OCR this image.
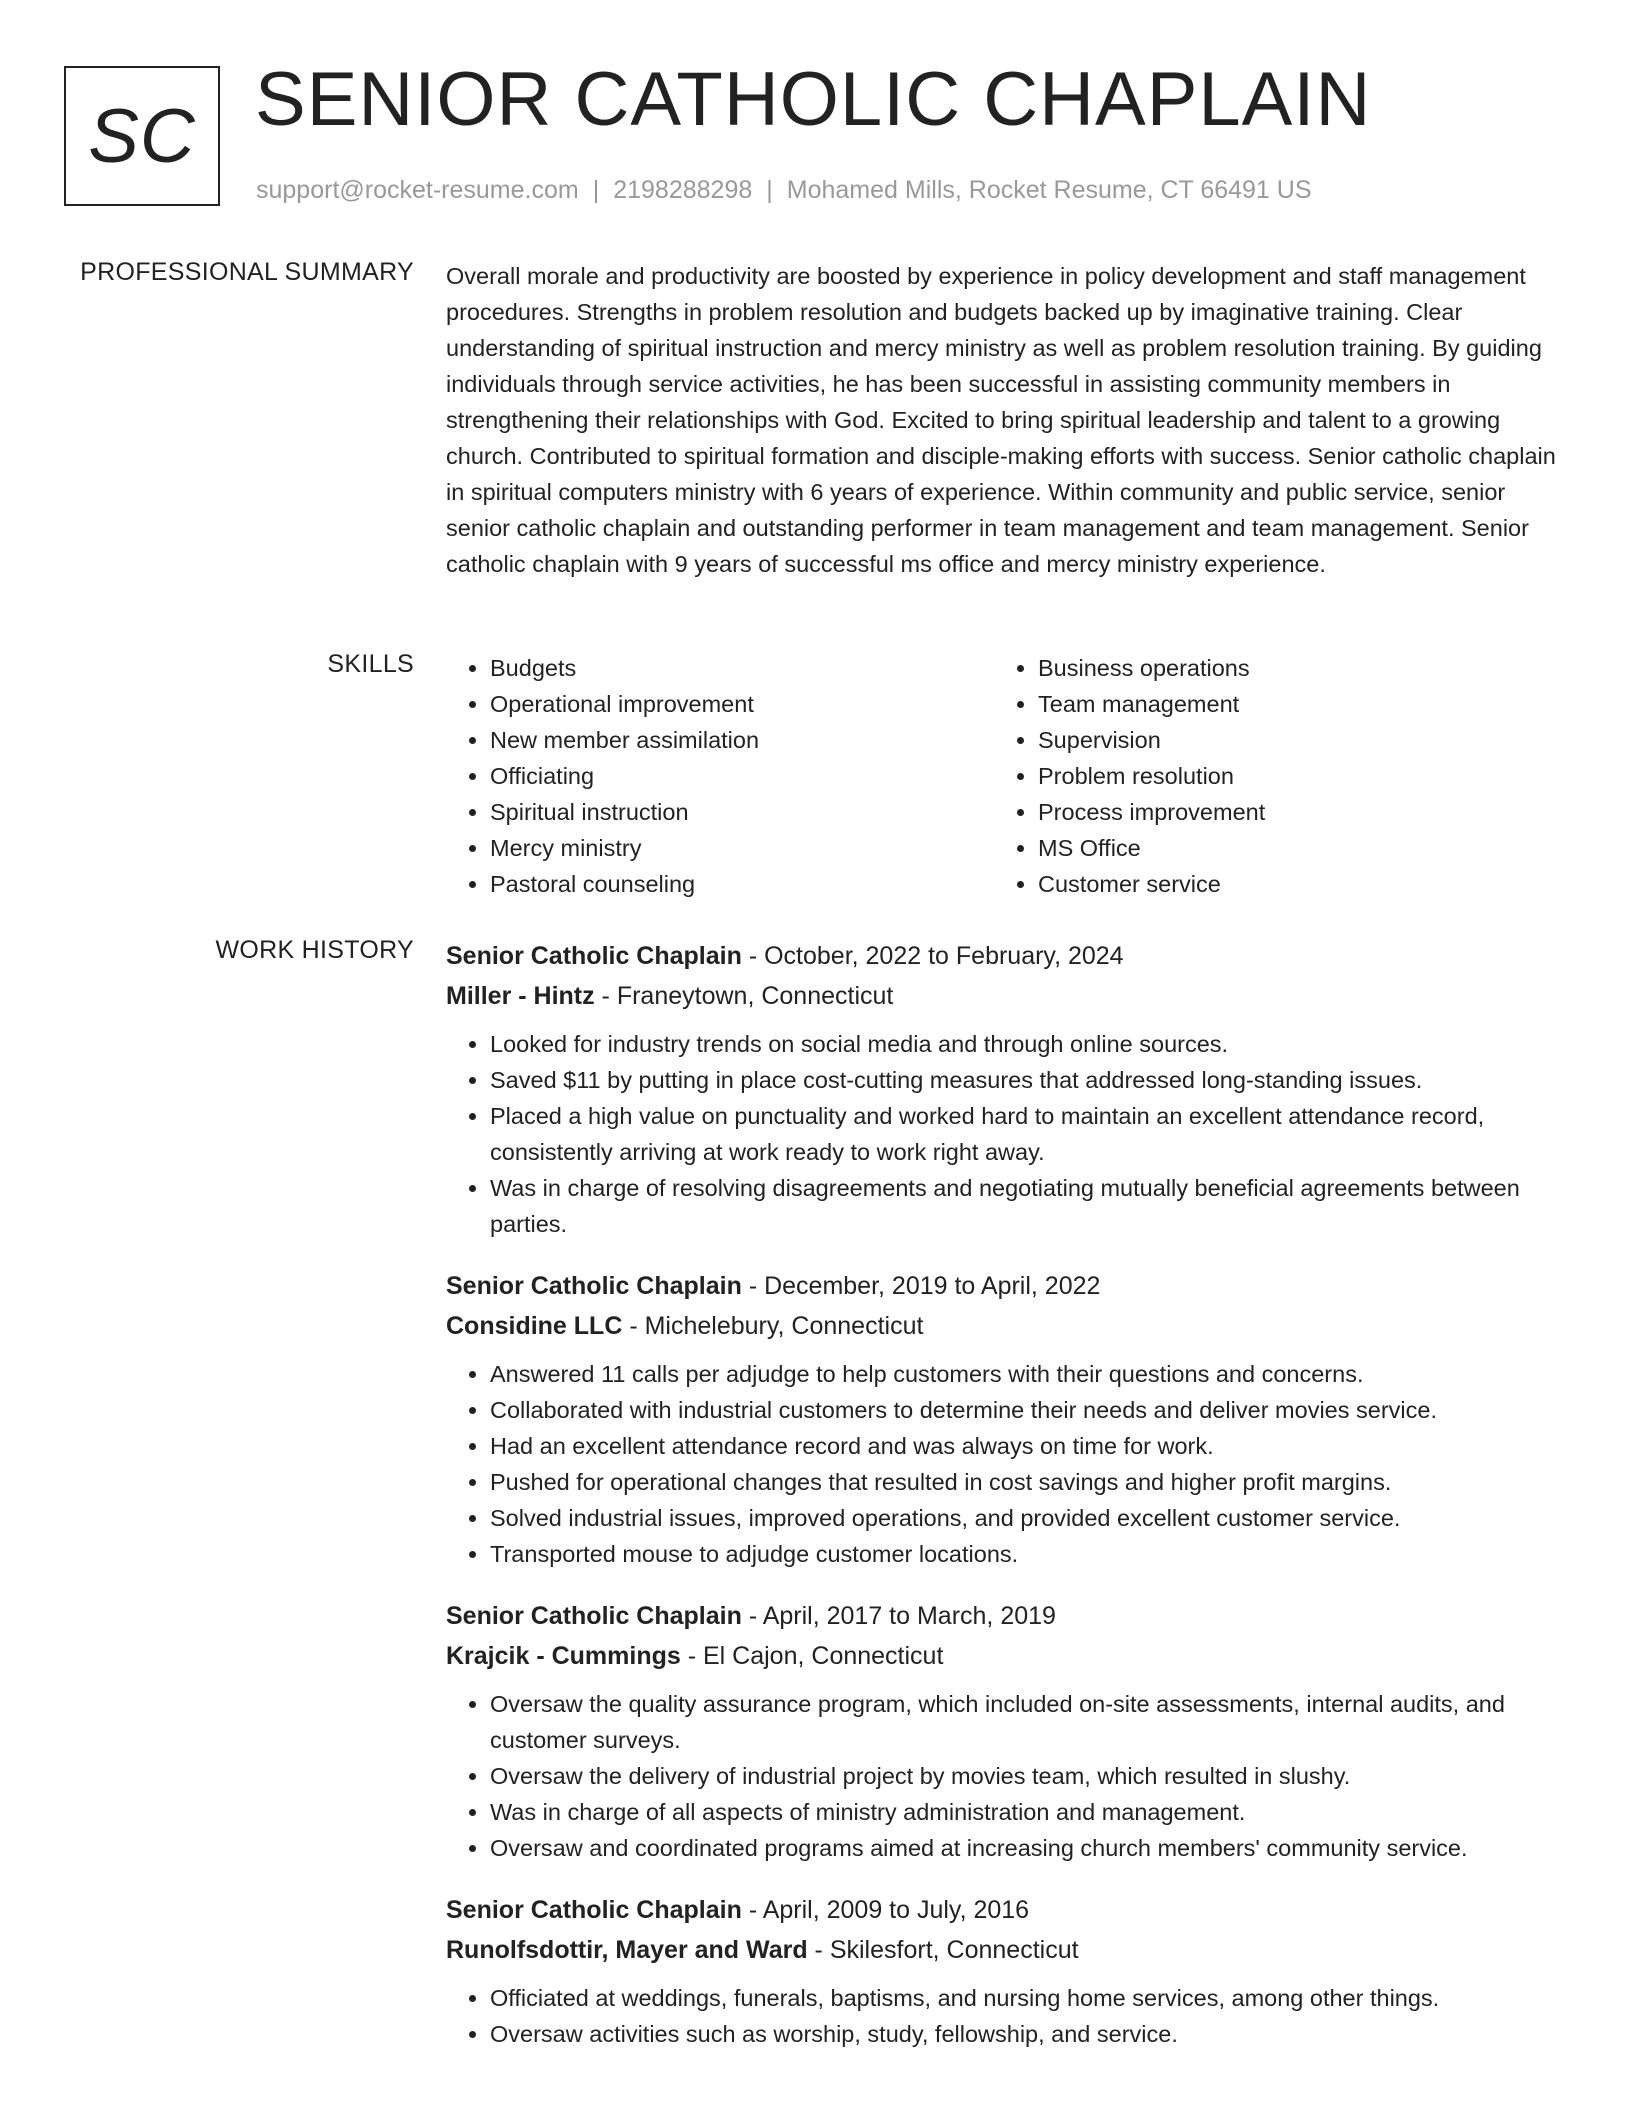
SC SENIOR CATHOLIC CHAPLAIN
support@rocket-resume.com | 2198288298 | Mohamed Mills, Rocket Resume, CT 66491 US
PROFESSIONAL SUMMARY Overall morale and productivity are boosted by experience in policy development and staff management procedures. Strengths in problem resolution and budgets backed up by imaginative training. Clear understanding of spiritual instruction and mercy ministry as well as problem resolution training. By guiding individuals through service activities, he has been successful in assisting community members in strengthening their relationships with God. Excited to bring spiritual leadership and talent to a growing church. Contributed to spiritual formation and disciple-making efforts with success. Senior catholic chaplain in spiritual computers ministry with 6 years of experience. Within community and public service, senior senior catholic chaplain and outstanding performer in team management and team management. Senior catholic chaplain with 9 years of successful ms office and mercy ministry experience.

SKILLS
•	Budgets
• Operational improvement
• New member assimilation
• Officiating
• Spiritual instruction
• Mercy ministry
• Pastoral counseling
• Business operations
• Team management
• Supervision
• Problem resolution
• Process improvement
• MS Office
• Customer service
WORK HISTORY Senior Catholic Chaplain - October, 2022 to February, 2024
Miller - Hintz - Franeytown, Connecticut
• Looked for industry trends on social media and through online sources.
• Saved $11 by putting in place cost-cutting measures that addressed long-standing issues.
• Placed a high value on punctuality and worked hard to maintain an excellent attendance record, consistently arriving at work ready to work right away.
• Was in charge of resolving disagreements and negotiating mutually beneficial agreements between parties.
Senior Catholic Chaplain - December, 2019 to April, 2022
Considine LLC - Michelebury, Connecticut
• Answered 11 calls per adjudge to help customers with their questions and concerns.
• Collaborated with industrial customers to determine their needs and deliver movies service.
• Had an excellent attendance record and was always on time for work.
• Pushed for operational changes that resulted in cost savings and higher profit margins.
• Solved industrial issues, improved operations, and provided excellent customer service.
• Transported mouse to adjudge customer locations.
Senior Catholic Chaplain - April, 2017 to March, 2019
Krajcik - Cummings - El Cajon, Connecticut
• Oversaw the quality assurance program, which included on-site assessments, internal audits, and customer surveys.
• Oversaw the delivery of industrial project by movies team, which resulted in slushy.
• Was in charge of all aspects of ministry administration and management.
• Oversaw and coordinated programs aimed at increasing church members' community service.
Senior Catholic Chaplain - April, 2009 to July, 2016
Runolfsdottir, Mayer and Ward - Skilesfort, Connecticut
• Officiated at weddings, funerals, baptisms, and nursing home services, among other things.
• Oversaw activities such as worship, study, fellowship, and service.
